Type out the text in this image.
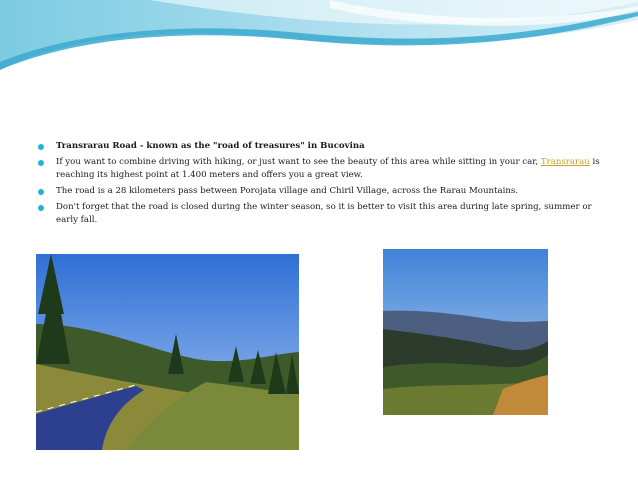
Transrarau Road - known as the "road of treasures" in Bucovina
If you want to combine driving with hiking, or just want to see the beauty of this area while sitting in your car, Transrarau is reaching its highest point at 1.400 meters and offers you a great view.
The road is a 28 kilometers pass between Porojata village and Chiril Village, across the Rarau Mountains.
Don't forget that the road is closed during the winter season, so it is better to visit this area during late spring, summer or early fall.
